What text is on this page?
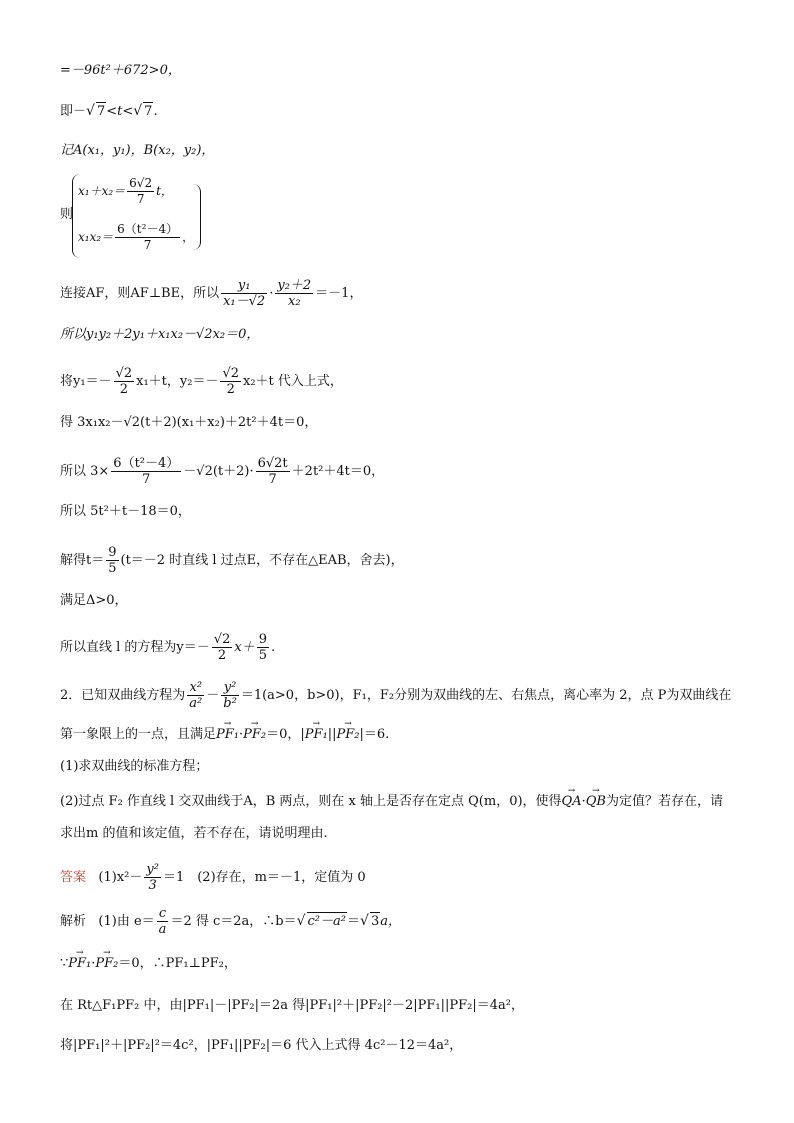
=－96t²＋672>0，
即－√ 7<t<√ 7.
记A(x₁，y₁)，B(x₂，y₂)，
则
$x_1+x_2= \frac{6√2}{7}$ t，
$x_1x_2= \frac{\text{6（t²－4）}}{7}$ ，
连接AF，则AF⊥BE，所以 $\frac{\text{y₁}}{\text{x₁－√2}} \cdot \frac{\text{y₂＋2}}{\text{x₂}} =-1$，
所以y₁y₂＋2y₁＋x₁x₂－√2x₂＝0，
将$y_1=- \frac{√2}{2} x_1+t$，$y_2=- \frac{√2}{2} x_2+t$ 代入上式，
得 3x₁x₂－√2(t＋2)(x₁＋x₂)＋2t²＋4t＝0，
所以 $3\times \frac{\text{6（t²－4）}}{7} -√2(t+2)\cdot \frac{6√2t}{7} +2t^2+4t=0$，
所以 5t²＋t－18＝0，
解得$t= \frac{9}{5} (t=-2$ 时直线 l 过点E，不存在△EAB，舍去)，
满足Δ>0，
所以直线 l 的方程为$y=- \frac{√2}{2} x+ \frac{9}{5}$ .
2．已知双曲线方程为 $\frac{\text{x²}}{\text{a²}} - \frac{\text{y²}}{\text{b²}} =1(a>0$，b>0)，F₁，F₂分别为双曲线的左、右焦点，离心率为 2，点 P为双曲线在
第一象限上的一点，且满足→ PF₁·→ PF₂＝0，|→ PF₁||→ PF₂|＝6.
(1)求双曲线的标准方程；
(2)过点 F₂ 作直线 l 交双曲线于A，B 两点，则在 x 轴上是否存在定点 Q(m，0)，使得→ QA·→ QB为定值？若存在，请
求出m 的值和该定值，若不存在，请说明理由.
答案 $(1)x^2- \frac{\text{y²}}{3} =1$　(2)存在，m＝－1，定值为 0
解析 (1)由 $e= \frac{c}{a} =2$ 得 c＝2a，∴b＝√ c²－a²＝√ 3a，
∵→ PF₁·→ PF₂＝0，∴PF₁⊥PF₂，
在 Rt△F₁PF₂ 中，由|PF₁|－|PF₂|＝2a 得|PF₁|²＋|PF₂|²－2|PF₁||PF₂|＝4a²，
将|PF₁|²＋|PF₂|²＝4c²，|PF₁||PF₂|＝6 代入上式得 4c²－12＝4a²，
